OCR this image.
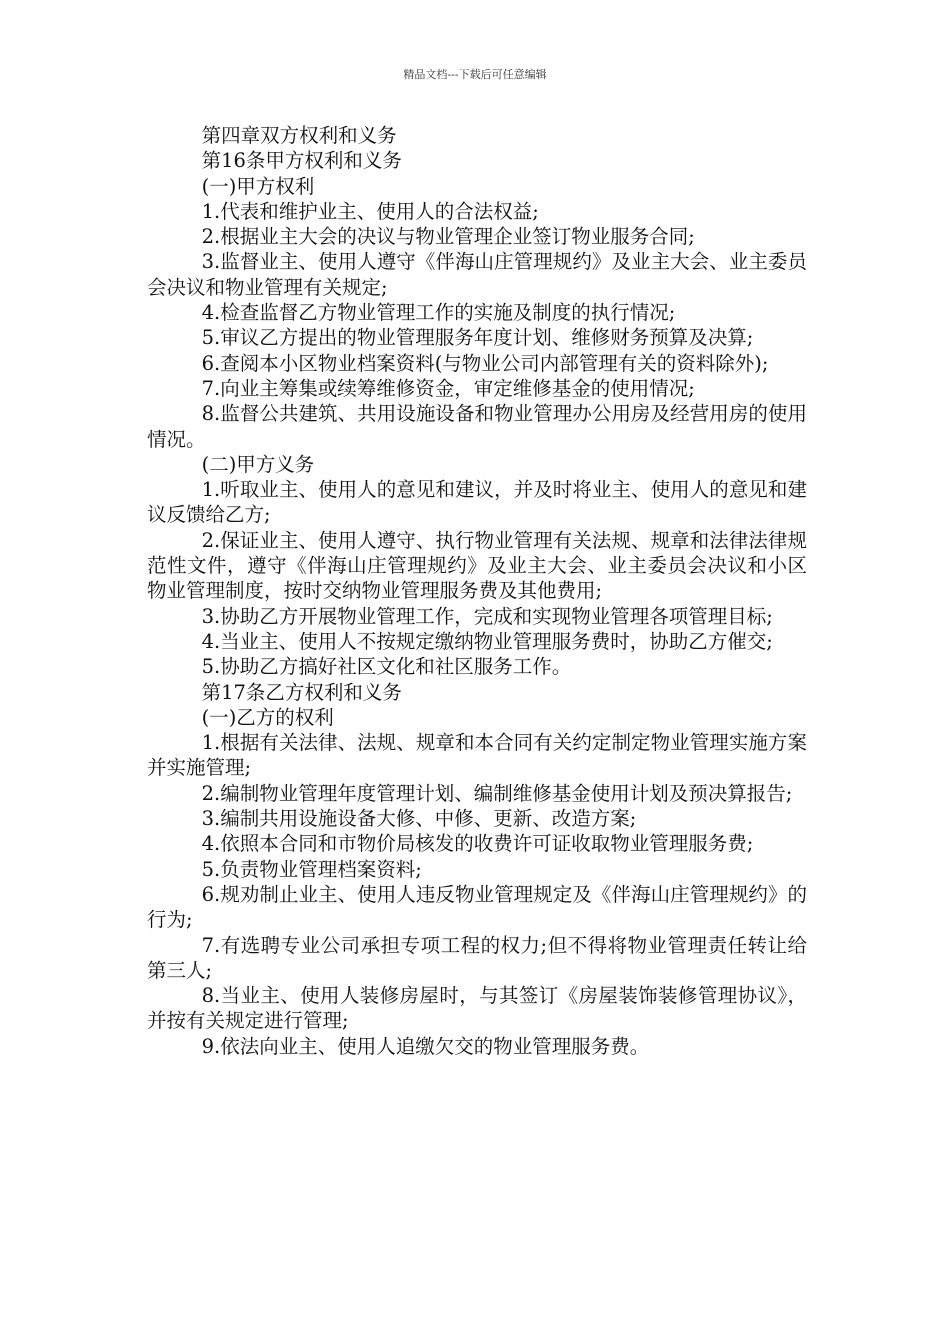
精品文档---下载后可任意编辑

第四章双方权利和义务

第16条甲方权利和义务

(一)甲方权利

1.代表和维护业主、使用人的合法权益;

2.根据业主大会的决议与物业管理企业签订物业服务合同;

3.监督业主、使用人遵守《伴海山庄管理规约》及业主大会、业主委员会决议和物业管理有关规定;

4.检查监督乙方物业管理工作的实施及制度的执行情况;

5.审议乙方提出的物业管理服务年度计划、维修财务预算及决算;

6.查阅本小区物业档案资料(与物业公司内部管理有关的资料除外);

7.向业主筹集或续筹维修资金，审定维修基金的使用情况;

8.监督公共建筑、共用设施设备和物业管理办公用房及经营用房的使用情况。

(二)甲方义务

1.听取业主、使用人的意见和建议，并及时将业主、使用人的意见和建议反馈给乙方;

2.保证业主、使用人遵守、执行物业管理有关法规、规章和法律法律规范性文件，遵守《伴海山庄管理规约》及业主大会、业主委员会决议和小区物业管理制度，按时交纳物业管理服务费及其他费用;

3.协助乙方开展物业管理工作，完成和实现物业管理各项管理目标;

4.当业主、使用人不按规定缴纳物业管理服务费时，协助乙方催交;

5.协助乙方搞好社区文化和社区服务工作。

第17条乙方权利和义务

(一)乙方的权利

1.根据有关法律、法规、规章和本合同有关约定制定物业管理实施方案并实施管理;

2.编制物业管理年度管理计划、编制维修基金使用计划及预决算报告;

3.编制共用设施设备大修、中修、更新、改造方案;

4.依照本合同和市物价局核发的收费许可证收取物业管理服务费;

5.负责物业管理档案资料;

6.规劝制止业主、使用人违反物业管理规定及《伴海山庄管理规约》的行为;

7.有选聘专业公司承担专项工程的权力;但不得将物业管理责任转让给第三人;

8.当业主、使用人装修房屋时，与其签订《房屋装饰装修管理协议》，并按有关规定进行管理;

9.依法向业主、使用人追缴欠交的物业管理服务费。
